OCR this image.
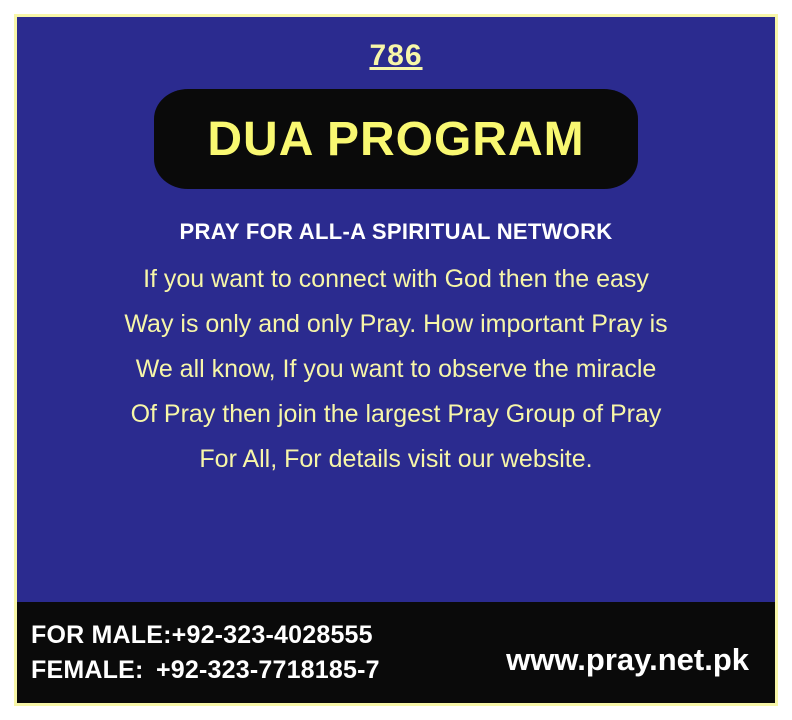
786
DUA PROGRAM
PRAY FOR ALL-A SPIRITUAL NETWORK

If you want to connect with God then the easy

Way is only and only Pray. How important Pray is

We all know, If you want to observe the miracle

Of Pray then join the largest Pray Group of Pray

For All, For details visit our website.

FOR MALE:+92-323-4028555
FEMALE: +92-323-7718185-7	www.pray.net.pk
